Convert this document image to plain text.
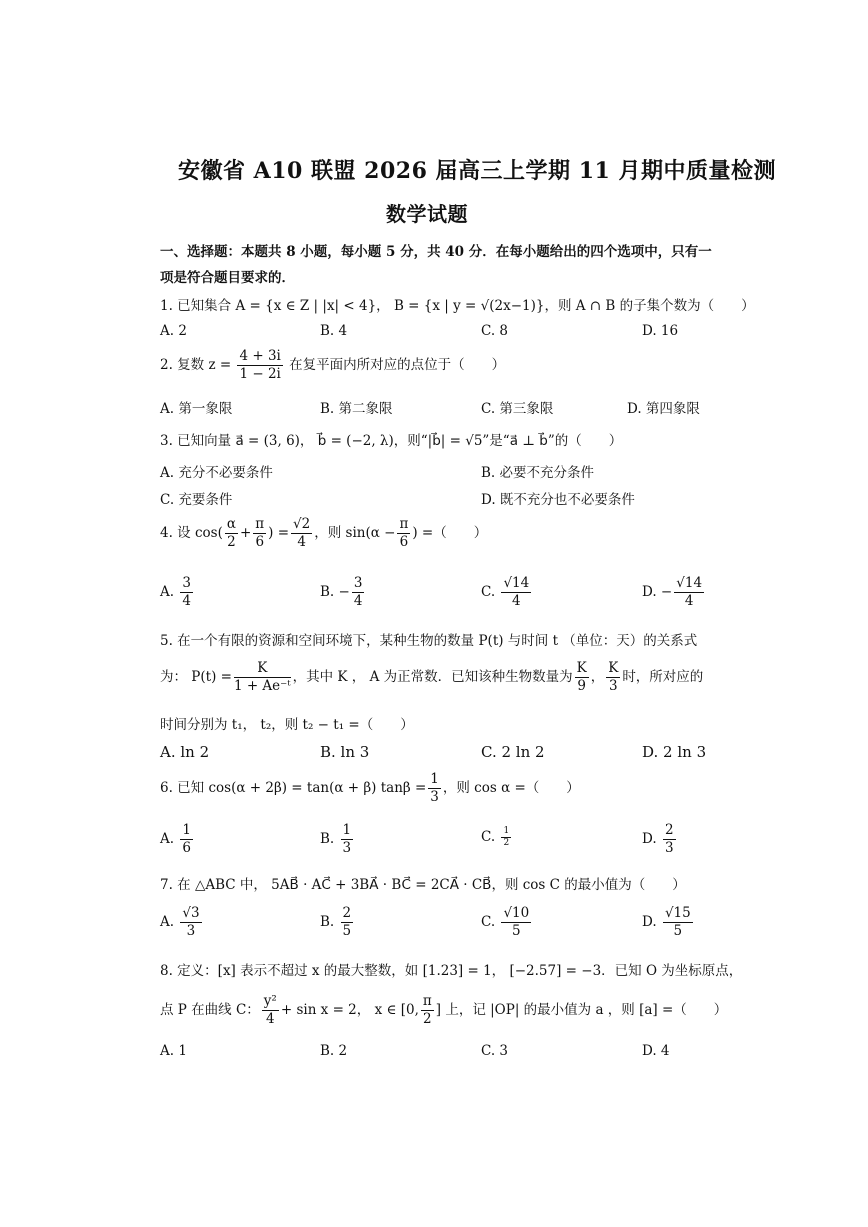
安徽省 A10 联盟 2026 届高三上学期 11 月期中质量检测
数学试题
一、选择题：本题共 8 小题，每小题 5 分，共 40 分．在每小题给出的四个选项中，只有一
项是符合题目要求的．
1. 已知集合 A = {x ∈ Z | |x| < 4}， B = {x | y = √(2x−1)}，则 A ∩ B 的子集个数为（　　）
A. 2	B. 4	C. 8	D. 16
2. 复数 $z = \frac{4 + 3i}{1 - 2i}$ 在复平面内所对应的点位于（　　）
A. 第一象限	B. 第二象限	C. 第三象限	D. 第四象限
3. 已知向量 a⃗ = (3, 6)， b⃗ = (−2, λ)，则“|b⃗| = √5”是“a⃗ ⊥ b⃗”的（　　）
A. 充分不必要条件	B. 必要不充分条件
C. 充要条件	D. 既不充分也不必要条件
4. 设 $\cos( \frac{\alpha}{2} + \frac{\pi}{6}$ ) = $\frac{√2}{4}$ ，则 $\sin(\alpha - \frac{\pi}{6}$ ) =（　　）
A. $\frac{3}{4}$	B. − $\frac{3}{4}$	C. $\frac{√14}{4}$	D. − $\frac{√14}{4}$
5. 在一个有限的资源和空间环境下，某种生物的数量 P(t) 与时间 t （单位：天）的关系式
为： $P(t) = \frac{K}{\text{1 + Ae⁻ᵗ}}$ ，其中 K ， A 为正常数．已知该种生物数量为 $\frac{K}{9}$ ， $\frac{K}{3}$ 时，所对应的
时间分别为 t₁， t₂，则 t₂ − t₁ =（　　）
A. ln 2	B. ln 3	C. 2 ln 2	D. 2 ln 3
6. 已知 cos(α + 2β) = tan(α + β) $\tan\beta = \frac{1}{3}$ ，则 cos α =（　　）
A. $\frac{1}{6}$	B. $\frac{1}{3}$	C. $\frac{1}{2}$	D. $\frac{2}{3}$
7. 在 △ABC 中， 5AB⃗ · AC⃗ + 3BA⃗ · BC⃗ = 2CA⃗ · CB⃗，则 cos C 的最小值为（　　）
A. $\frac{√3}{3}$	B. $\frac{2}{5}$	C. $\frac{√10}{5}$	D. $\frac{√15}{5}$
8. 定义：[x] 表示不超过 x 的最大整数，如 [1.23] = 1， [−2.57] = −3．已知 O 为坐标原点，
点 P 在曲线 C： $\frac{\text{y²}}{4} + \sin x = 2$， x ∈ [0, $\frac{\pi}{2}$ ] 上，记 |OP| 的最小值为 a ，则 [a] =（　　）
A. 1	B. 2	C. 3	D. 4
